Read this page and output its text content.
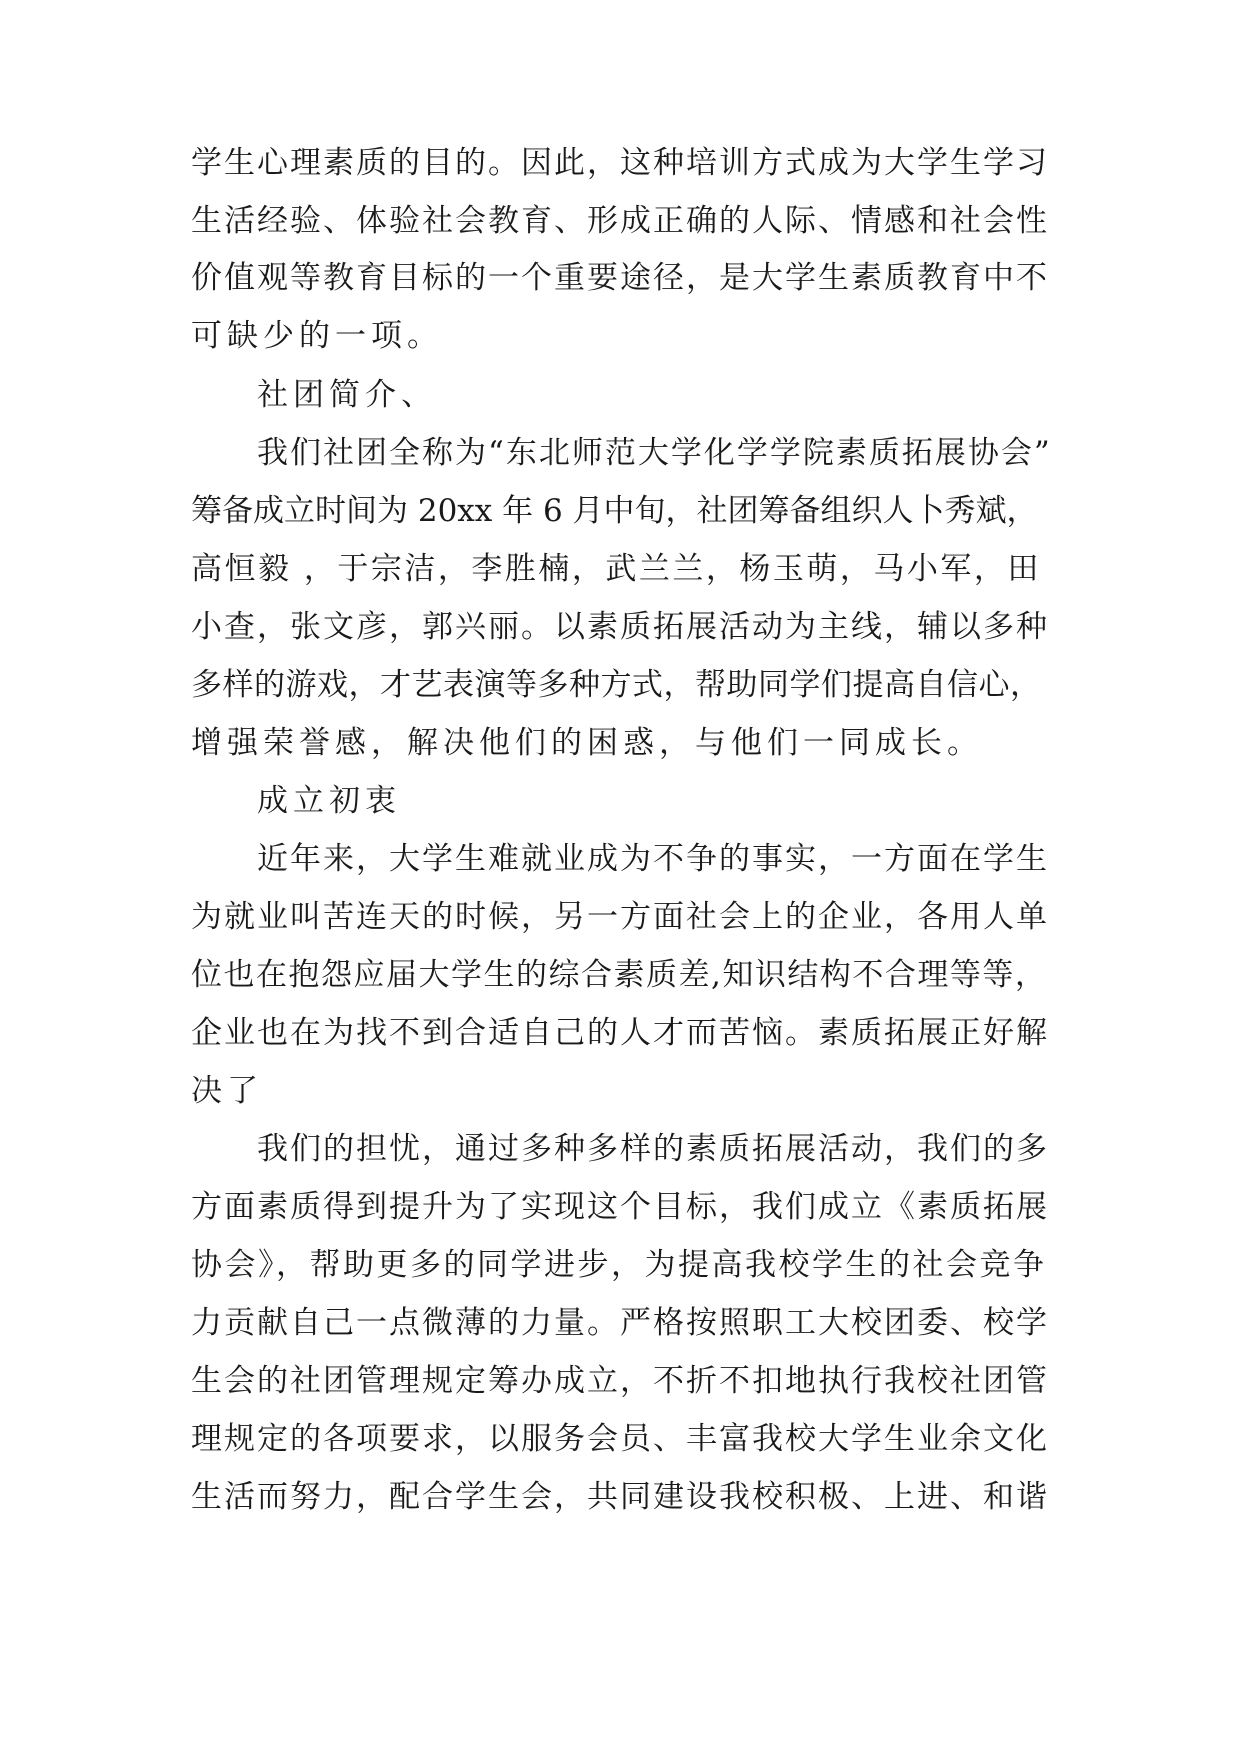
学生心理素质的目的。因此，这种培训方式成为大学生学习
生活经验、体验社会教育、形成正确的人际、情感和社会性
价值观等教育目标的一个重要途径，是大学生素质教育中不
可缺少的一项。
社团简介、
我们社团全称为“东北师范大学化学学院素质拓展协会”
筹备成立时间为 20xx 年 6 月中旬，社团筹备组织人卜秀斌，
高恒毅 ，于宗洁，李胜楠，武兰兰，杨玉萌，马小军，田
小查，张文彦，郭兴丽。以素质拓展活动为主线，辅以多种
多样的游戏，才艺表演等多种方式，帮助同学们提高自信心，
增强荣誉感，解决他们的困惑，与他们一同成长。
成立初衷
近年来，大学生难就业成为不争的事实，一方面在学生
为就业叫苦连天的时候，另一方面社会上的企业，各用人单
位也在抱怨应届大学生的综合素质差,知识结构不合理等等，
企业也在为找不到合适自己的人才而苦恼。素质拓展正好解
决了
我们的担忧，通过多种多样的素质拓展活动，我们的多
方面素质得到提升为了实现这个目标，我们成立《素质拓展
协会》，帮助更多的同学进步，为提高我校学生的社会竞争
力贡献自己一点微薄的力量。严格按照职工大校团委、校学
生会的社团管理规定筹办成立，不折不扣地执行我校社团管
理规定的各项要求，以服务会员、丰富我校大学生业余文化
生活而努力，配合学生会，共同建设我校积极、上进、和谐
